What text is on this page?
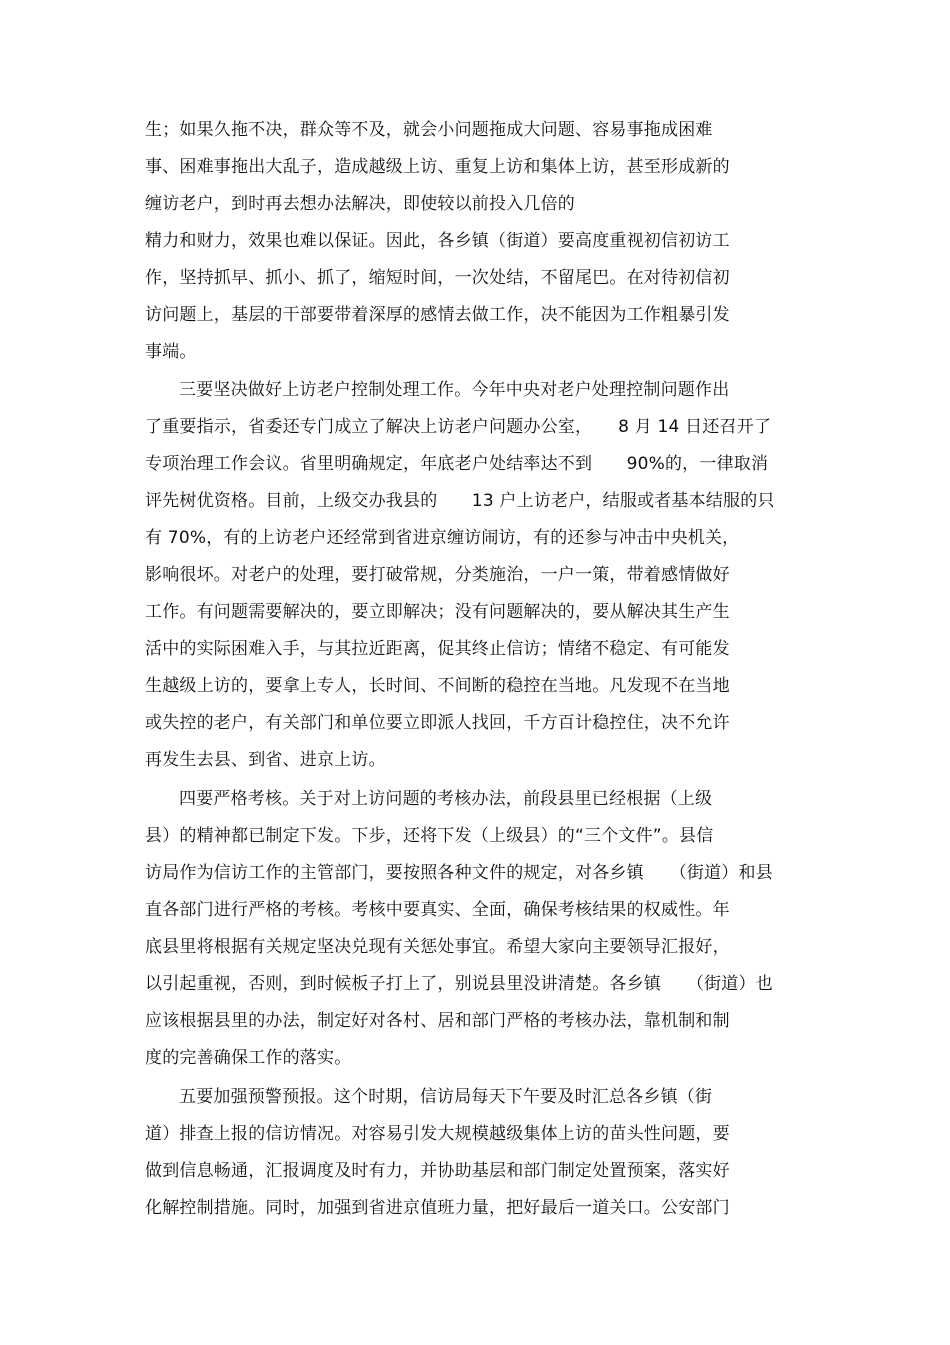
生；如果久拖不决，群众等不及，就会小问题拖成大问题、容易事拖成困难
事、困难事拖出大乱子，造成越级上访、重复上访和集体上访，甚至形成新的
缠访老户，到时再去想办法解决，即使较以前投入几倍的
精力和财力，效果也难以保证。因此，各乡镇（街道）要高度重视初信初访工
作，坚持抓早、抓小、抓了，缩短时间，一次处结，不留尾巴。在对待初信初
访问题上，基层的干部要带着深厚的感情去做工作，决不能因为工作粗暴引发
事端。
三要坚决做好上访老户控制处理工作。今年中央对老户处理控制问题作出
了重要指示，省委还专门成立了解决上访老户问题办公室，　　8 月 14 日还召开了
专项治理工作会议。省里明确规定，年底老户处结率达不到　　90%的，一律取消
评先树优资格。目前，上级交办我县的　　13 户上访老户，结服或者基本结服的只
有 70%，有的上访老户还经常到省进京缠访闹访，有的还参与冲击中央机关，
影响很坏。对老户的处理，要打破常规，分类施治，一户一策，带着感情做好
工作。有问题需要解决的，要立即解决；没有问题解决的，要从解决其生产生
活中的实际困难入手，与其拉近距离，促其终止信访；情绪不稳定、有可能发
生越级上访的，要拿上专人，长时间、不间断的稳控在当地。凡发现不在当地
或失控的老户，有关部门和单位要立即派人找回，千方百计稳控住，决不允许
再发生去县、到省、进京上访。
四要严格考核。关于对上访问题的考核办法，前段县里已经根据（上级
县）的精神都已制定下发。下步，还将下发（上级县）的“三个文件”。县信
访局作为信访工作的主管部门，要按照各种文件的规定，对各乡镇　　（街道）和县
直各部门进行严格的考核。考核中要真实、全面，确保考核结果的权威性。年
底县里将根据有关规定坚决兑现有关惩处事宜。希望大家向主要领导汇报好，
以引起重视，否则，到时候板子打上了，别说县里没讲清楚。各乡镇　　（街道）也
应该根据县里的办法，制定好对各村、居和部门严格的考核办法，靠机制和制
度的完善确保工作的落实。
五要加强预警预报。这个时期，信访局每天下午要及时汇总各乡镇（街
道）排查上报的信访情况。对容易引发大规模越级集体上访的苗头性问题，要
做到信息畅通，汇报调度及时有力，并协助基层和部门制定处置预案，落实好
化解控制措施。同时，加强到省进京值班力量，把好最后一道关口。公安部门
